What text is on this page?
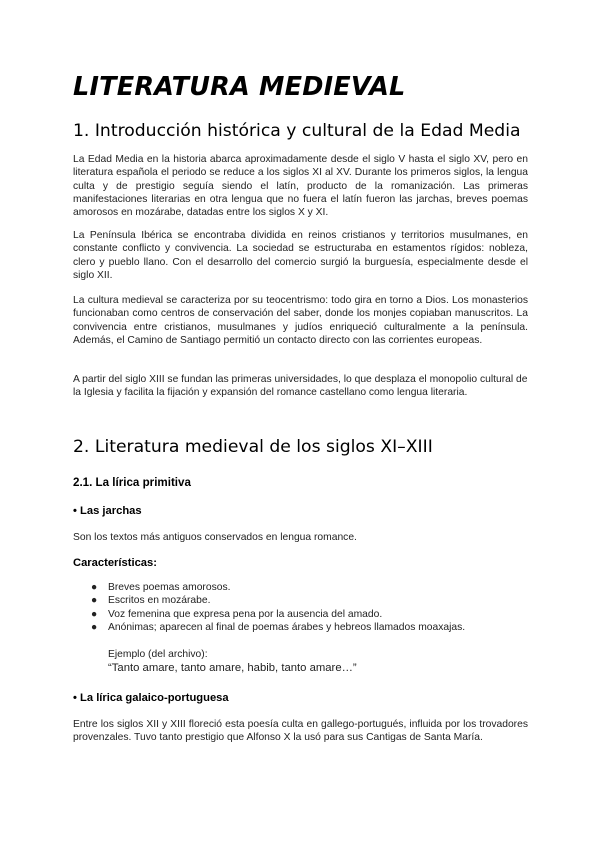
LITERATURA MEDIEVAL
1. Introducción histórica y cultural de la Edad Media

La Edad Media en la historia abarca aproximadamente desde el siglo V hasta el siglo XV, pero en literatura española el periodo se reduce a los siglos XI al XV. Durante los primeros siglos, la lengua culta y de prestigio seguía siendo el latín, producto de la romanización. Las primeras manifestaciones literarias en otra lengua que no fuera el latín fueron las jarchas, breves poemas amorosos en mozárabe, datadas entre los siglos X y XI.

La Península Ibérica se encontraba dividida en reinos cristianos y territorios musulmanes, en constante conflicto y convivencia. La sociedad se estructuraba en estamentos rígidos: nobleza, clero y pueblo llano. Con el desarrollo del comercio surgió la burguesía, especialmente desde el siglo XII.

La cultura medieval se caracteriza por su teocentrismo: todo gira en torno a Dios. Los monasterios funcionaban como centros de conservación del saber, donde los monjes copiaban manuscritos. La convivencia entre cristianos, musulmanes y judíos enriqueció culturalmente a la península. Además, el Camino de Santiago permitió un contacto directo con las corrientes europeas.

A partir del siglo XIII se fundan las primeras universidades, lo que desplaza el monopolio cultural de la Iglesia y facilita la fijación y expansión del romance castellano como lengua literaria.

2. Literatura medieval de los siglos XI–XIII
2.1. La lírica primitiva
• Las jarchas

Son los textos más antiguos conservados en lengua romance.

Características:
● Breves poemas amorosos.
● Escritos en mozárabe.
● Voz femenina que expresa pena por la ausencia del amado.
● Anónimas; aparecen al final de poemas árabes y hebreos llamados moaxajas.
Ejemplo (del archivo):
“Tanto amare, tanto amare, habib, tanto amare…”
• La lírica galaico-portuguesa

Entre los siglos XII y XIII floreció esta poesía culta en gallego-portugués, influida por los trovadores provenzales. Tuvo tanto prestigio que Alfonso X la usó para sus Cantigas de Santa María.
